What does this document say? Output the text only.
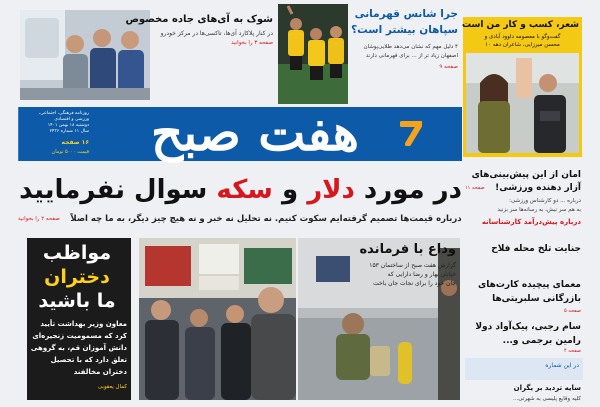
شوک به آی‌های جاده مخصوص
در کنار پلاکارد آی‌ها، تاکسی‌ها در مرکز خودرو
صفحه ۳ را بخوانید
جرا شانس قهرمانی
سپاهان بیشتر است؟
۴ دلیل مهم که نشان می‌دهد طلایی‌پوشان
اصفهان زیاد تر از ... برای قهرمانی دارند
صفحه ۹
شعر، کسب و کار من است
گفت‌وگو با معصومه داوود آبادی و
محسن میرزایی، شاعران دهه ۱۰
روزنامه فرهنگی، اجتماعی،
ورزشی و اقتصادی
دوشنبه ۱۸ بهمن ۱۴۰۱
سال ۱۱ شماره ۲۴۳۶
۱۶ صفحه
قیمت ۵۰۰۰ تومان	هفت صبح
در مورد دلار و سکه سوال نفرمایید
درباره قیمت‌ها تصمیم گرفته‌ایم سکوت کنیم. نه تحلیل نه خبر و نه هیچ چیز دیگر، به ما چه اصلاً
صفحه ۲ را بخوانید
امان از این پیش‌بینی‌های
آزار دهنده ورزشی!
صفحه ۱۱
درباره ... دو کارشناس ورزشی:
به هم سر نیش، به رسانه‌ها سر بزنید
درباره پیش‌درآمد کارشناسانه
جنایت تلخ محله فلاح
معمای پیچیده کارت‌های
بازرگانی سلبریتی‌ها
صفحه ۵
سام رجبی، پیک‌آواد دولا
رامین برجمی و...
صفحه ۴
در این شماره
سایه تردید بر یگران
کلیه وقایع پلیسی به شهرتی...
مواظب
دختران
ما باشید
معاون وزیر بهداشت تأیید
کرد که مسمومیت زنجیره‌ای
دانش آموزان قم، به گروهی
تعلق دارد که با تحصیل
دختران مخالفند
کمال یعقوبی
وداع با فرمانده
گزارش هفت صبح از ساختمان ۱۵۳
خیابان بهار و رضا دارایی که
جان خود را برای نجات جان باخت
